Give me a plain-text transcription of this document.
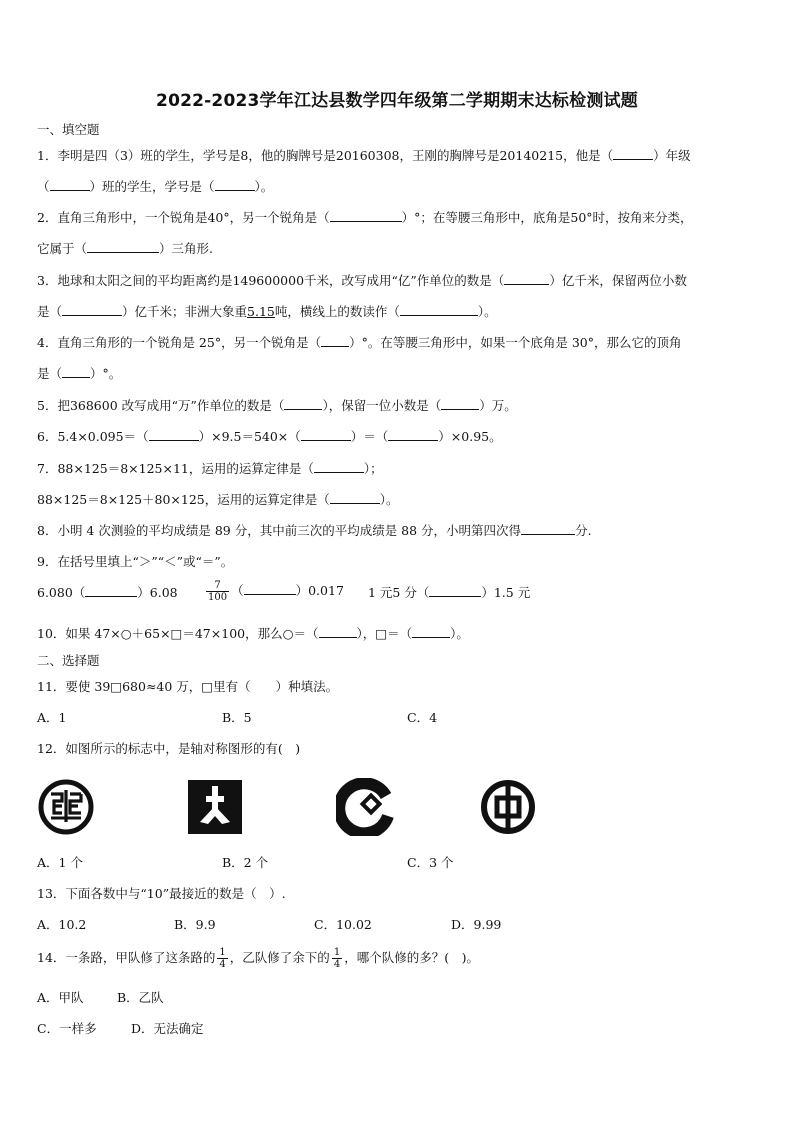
2022-2023学年江达县数学四年级第二学期期末达标检测试题
一、填空题
1．李明是四（3）班的学生，学号是8，他的胸牌号是20160308，王刚的胸牌号是20140215，他是（	）年级
（	）班的学生，学号是（	）。
2．直角三角形中，一个锐角是40°，另一个锐角是（	）°；在等腰三角形中，底角是50°时，按角来分类，
它属于（	）三角形.
3．地球和太阳之间的平均距离约是149600000千米，改写成用“亿”作单位的数是（	）亿千米，保留两位小数
是（	）亿千米；非洲大象重5.15吨，横线上的数读作（	）。
4．直角三角形的一个锐角是 25°，另一个锐角是（ ）°。在等腰三角形中，如果一个底角是 30°，那么它的顶角
是（ ）°。
5．把368600 改写成用“万”作单位的数是（	），保留一位小数是（	）万。
6．5.4×0.095＝（	）×9.5＝540×（	）＝（	）×0.95。
7．88×125＝8×125×11，运用的运算定律是（	）；
88×125＝8×125＋80×125，运用的运算定律是（	）。
8．小明 4 次测验的平均成绩是 89 分，其中前三次的平均成绩是 88 分，小明第四次得	分.
9．在括号里填上“＞”“＜”或“＝”。
6.080（	）6.08	$\frac{7}{100}$ （	）0.017 1 元5 分（	）1.5 元
10．如果 47×○＋65×□＝47×100，那么○＝（	），□＝（	）。
二、选择题
11．要使 39□680≈40 万，□里有（　　）种填法。
A．1	B．5	C．4
12．如图所示的标志中，是轴对称图形的有(　)
A．1 个	B．2 个	C．3 个
13．下面各数中与“10”最接近的数是（　）.
A．10.2	B．9.9	C．10.02	D．9.99
14．一条路，甲队修了这条路的 $\frac{1}{4}$ ，乙队修了余下的 $\frac{1}{4}$ ，哪个队修的多？(　)。
A．甲队	B．乙队
C．一样多	D．无法确定
